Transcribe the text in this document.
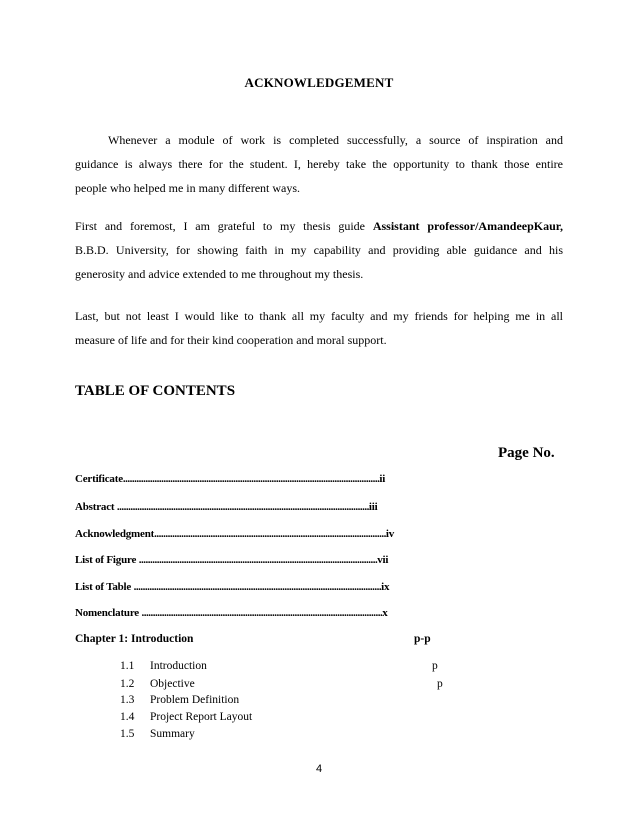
ACKNOWLEDGEMENT
Whenever a module of work is completed successfully, a source of inspiration and
guidance is always there for the student. I, hereby take the opportunity to thank those entire
people who helped me in many different ways.
First and foremost, I am grateful to my thesis guide Assistant professor/AmandeepKaur,
B.B.D. University, for showing faith in my capability and providing able guidance and his
generosity and advice extended to me throughout my thesis.
Last, but not least I would like to thank all my faculty and my friends for helping me in all
measure of life and for their kind cooperation and moral support.
TABLE OF CONTENTS
Page No.
Certificate..................................................................................................................ii
Abstract ................................................................................................................iii
Acknowledgment.......................................................................................................iv
List of Figure ..........................................................................................................vii
List of Table ..............................................................................................................ix
Nomenclature ...........................................................................................................x
Chapter 1: Introduction	p-p
1.1 Introduction	p
1.2 Objective	p
1.3 Problem Definition
1.4 Project Report Layout
1.5 Summary
4
